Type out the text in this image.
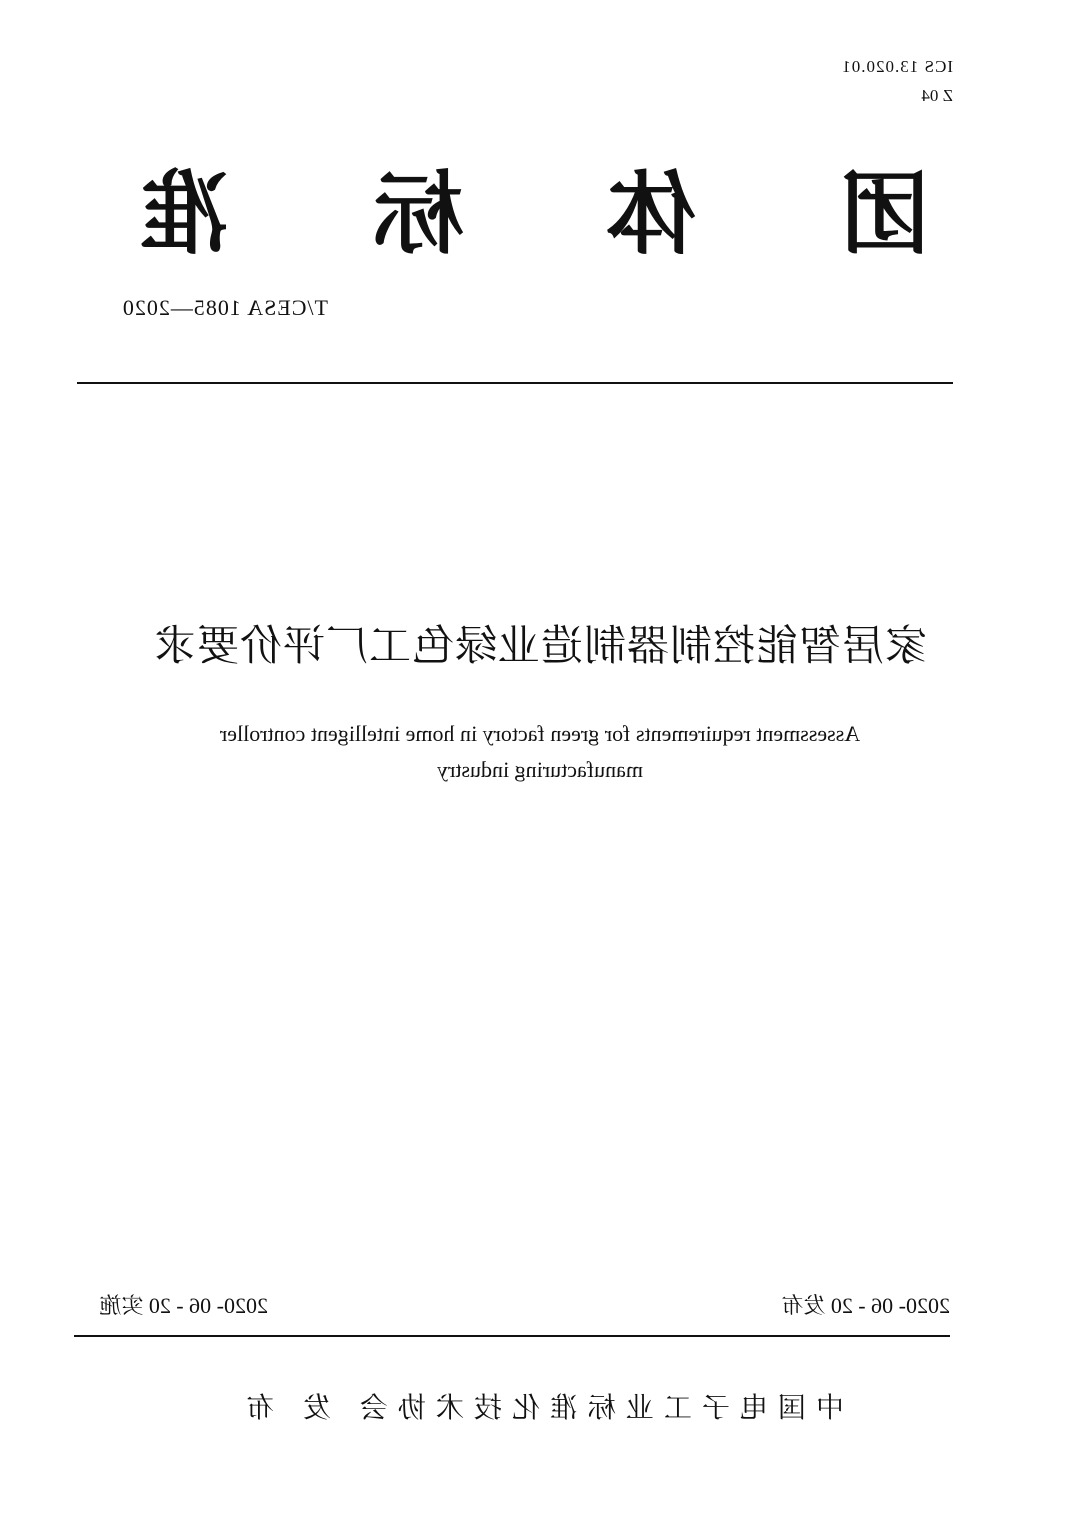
ICS 13.020.01
Z 04
团
体
标
准
T/CESA 1085—2020
家居智能控制器制造业绿色工厂评价要求
Assessment requirements for green factory in home intelligent controller
manufacturing industry
2020- 06 - 20 发布
2020- 06 - 20 实施
中国电子工业标准化技术协会 发 布
